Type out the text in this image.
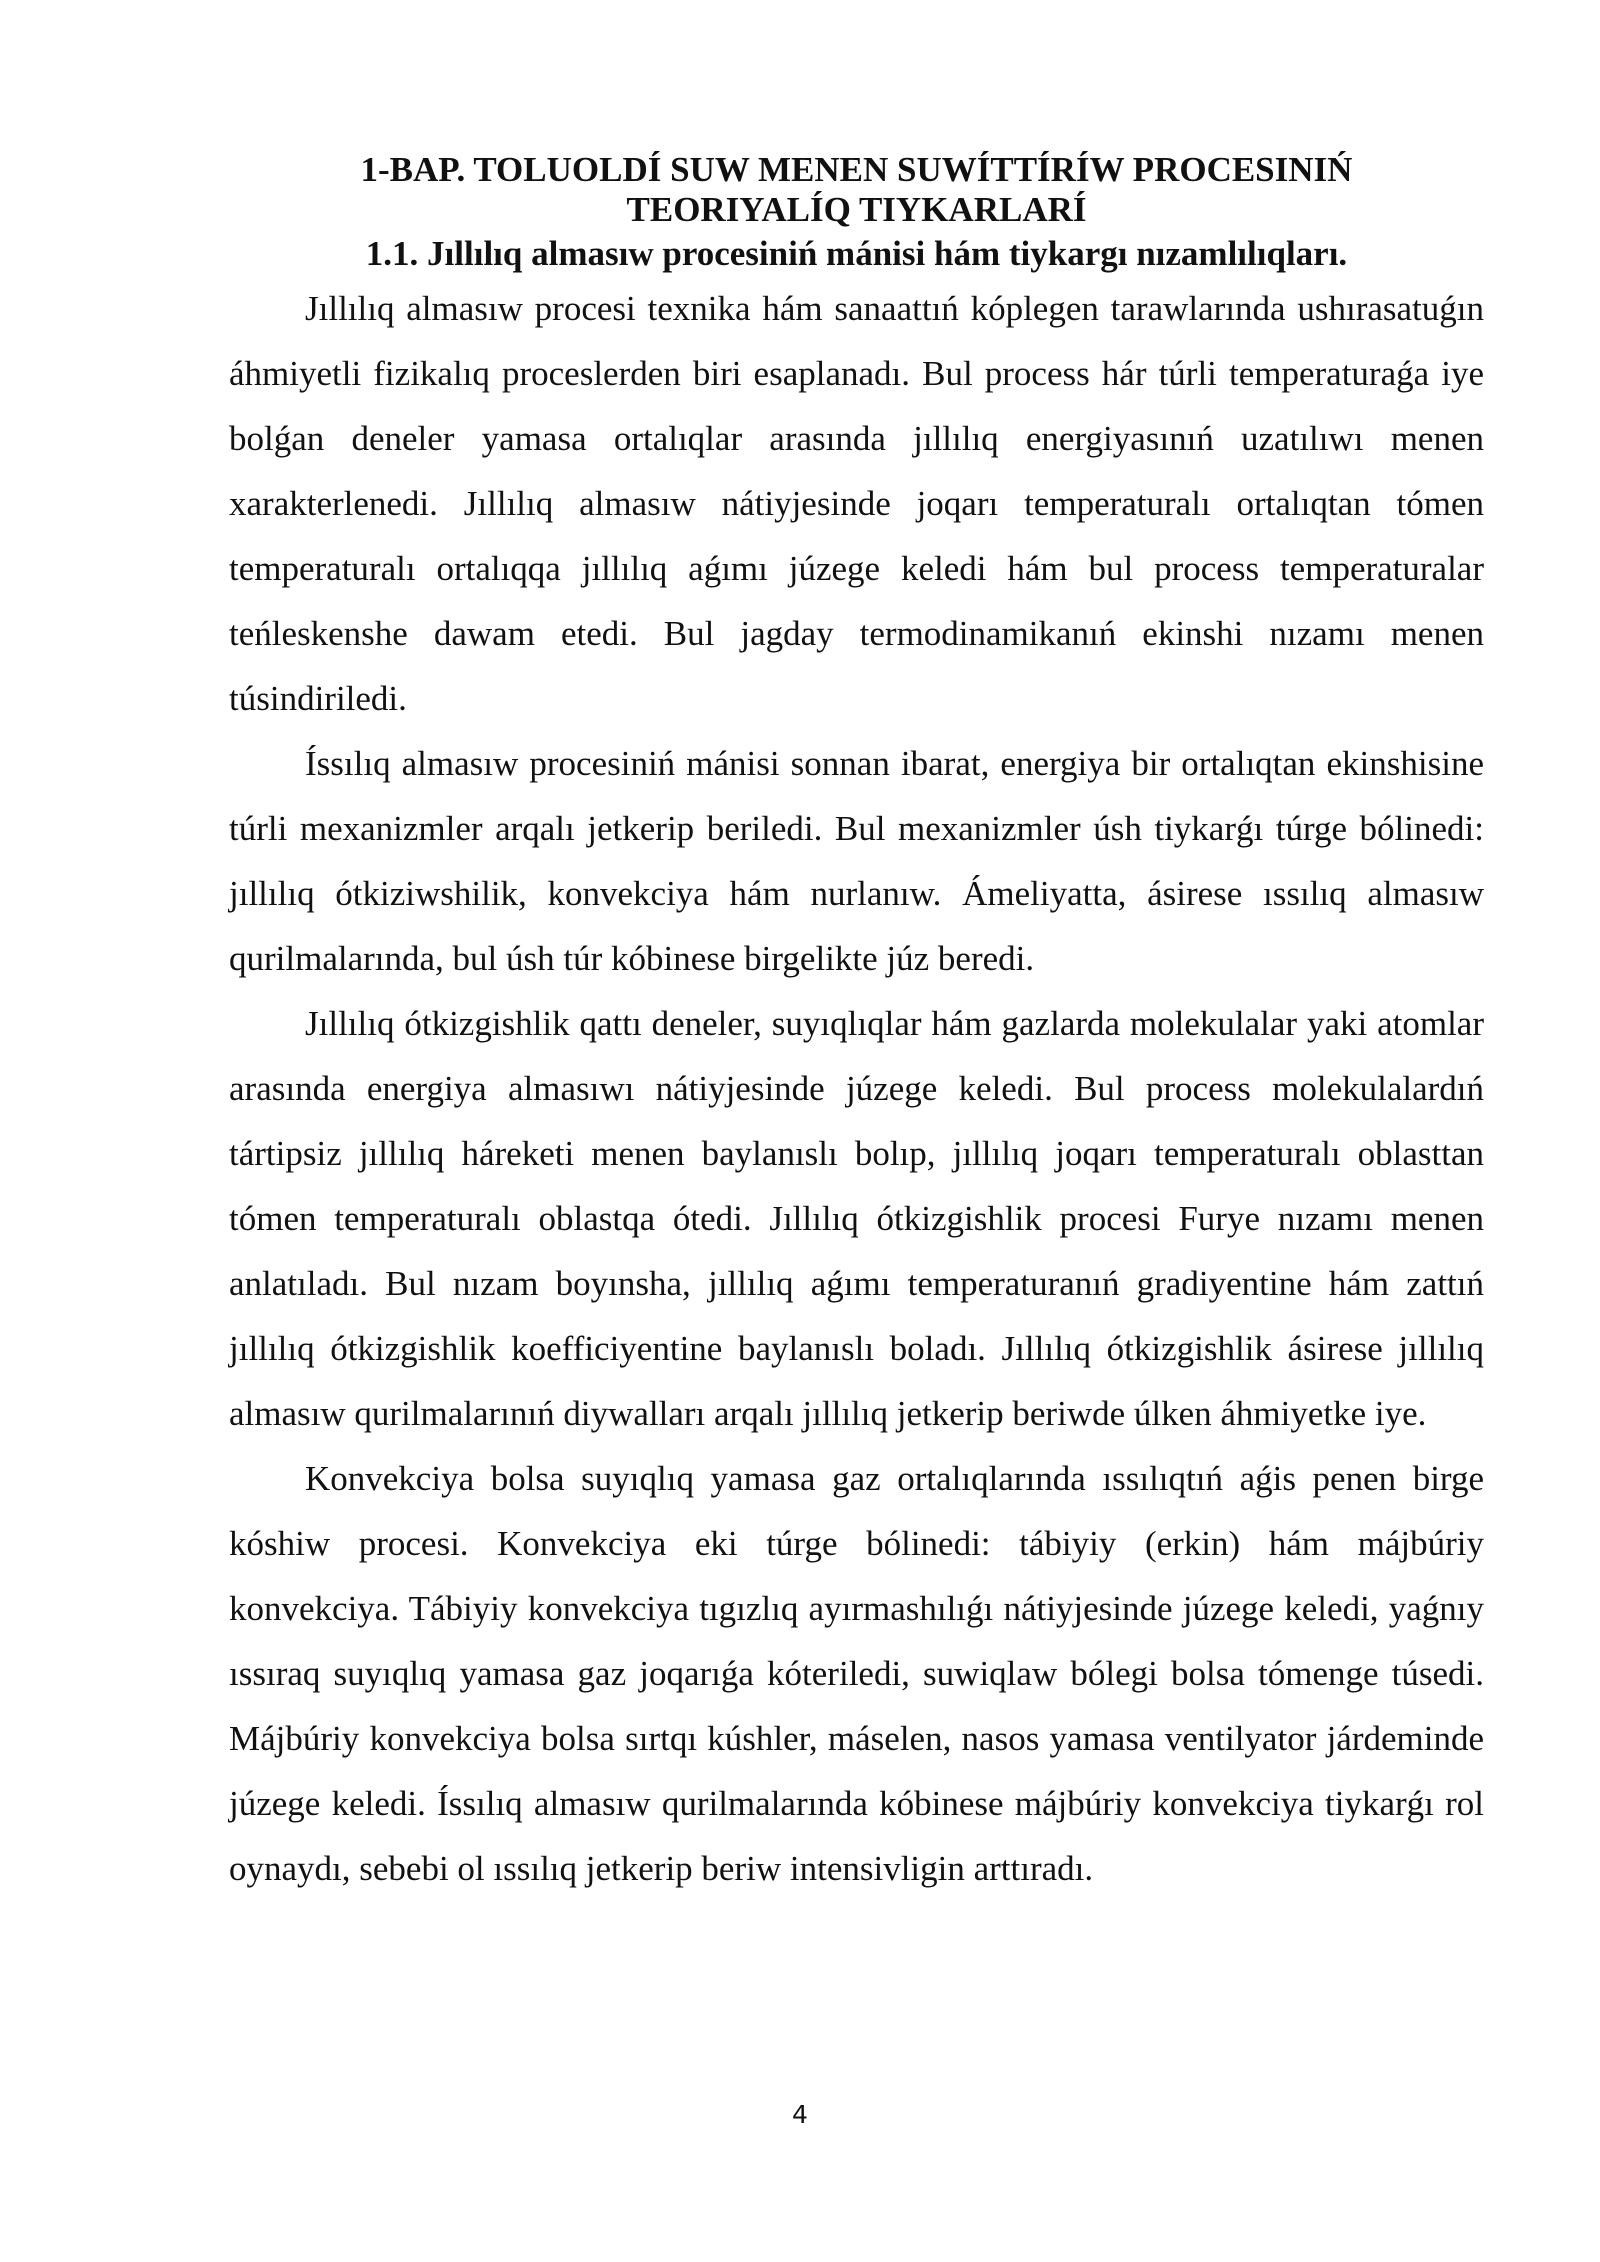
1-BAP. TOLUOLDÍ SUW MENEN SUWÍTTÍRÍW PROCESINIŃ
TEORIYALÍQ TIYKARLARÍ
1.1. Jıllılıq almasıw procesiniń mánisi hám tiykargı nızamlılıqları.

Jıllılıq almasıw procesi texnika hám sanaattıń kóplegen tarawlarında ushırasatuǵın áhmiyetli fizikalıq proceslerden biri esaplanadı. Bul process hár túrli temperaturaǵa iye bolǵan deneler yamasa ortalıqlar arasında jıllılıq energiyasınıń uzatılıwı menen xarakterlenedi. Jıllılıq almasıw nátiyjesinde joqarı temperaturalı ortalıqtan tómen temperaturalı ortalıqqa jıllılıq aǵımı júzege keledi hám bul process temperaturalar teńleskenshe dawam etedi. Bul jagday termodinamikanıń ekinshi nızamı menen túsindiriledi.

Íssılıq almasıw procesiniń mánisi sonnan ibarat, energiya bir ortalıqtan ekinshisine túrli mexanizmler arqalı jetkerip beriledi. Bul mexanizmler úsh tiykarǵı túrge bólinedi: jıllılıq ótkiziwshilik, konvekciya hám nurlanıw. Ámeliyatta, ásirese ıssılıq almasıw qurilmalarında, bul úsh túr kóbinese birgelikte júz beredi.

Jıllılıq ótkizgishlik qattı deneler, suyıqlıqlar hám gazlarda molekulalar yaki atomlar arasında energiya almasıwı nátiyjesinde júzege keledi. Bul process molekulalardıń tártipsiz jıllılıq háreketi menen baylanıslı bolıp, jıllılıq joqarı temperaturalı oblasttan tómen temperaturalı oblastqa ótedi. Jıllılıq ótkizgishlik procesi Furye nızamı menen anlatıladı. Bul nızam boyınsha, jıllılıq aǵımı temperaturanıń gradiyentine hám zattıń jıllılıq ótkizgishlik koefficiyentine baylanıslı boladı. Jıllılıq ótkizgishlik ásirese jıllılıq almasıw qurilmalarınıń diywalları arqalı jıllılıq jetkerip beriwde úlken áhmiyetke iye.

Konvekciya bolsa suyıqlıq yamasa gaz ortalıqlarında ıssılıqtıń aǵis penen birge kóshiw procesi. Konvekciya eki túrge bólinedi: tábiyiy (erkin) hám májbúriy konvekciya. Tábiyiy konvekciya tıgızlıq ayırmashılıǵı nátiyjesinde júzege keledi, yaǵnıy ıssıraq suyıqlıq yamasa gaz joqarıǵa kóteriledi, suwiqlaw bólegi bolsa tómenge túsedi. Májbúriy konvekciya bolsa sırtqı kúshler, máselen, nasos yamasa ventilyator járdeminde júzege keledi. Íssılıq almasıw qurilmalarında kóbinese májbúriy konvekciya tiykarǵı rol oynaydı, sebebi ol ıssılıq jetkerip beriw intensivligin arttıradı.

4
